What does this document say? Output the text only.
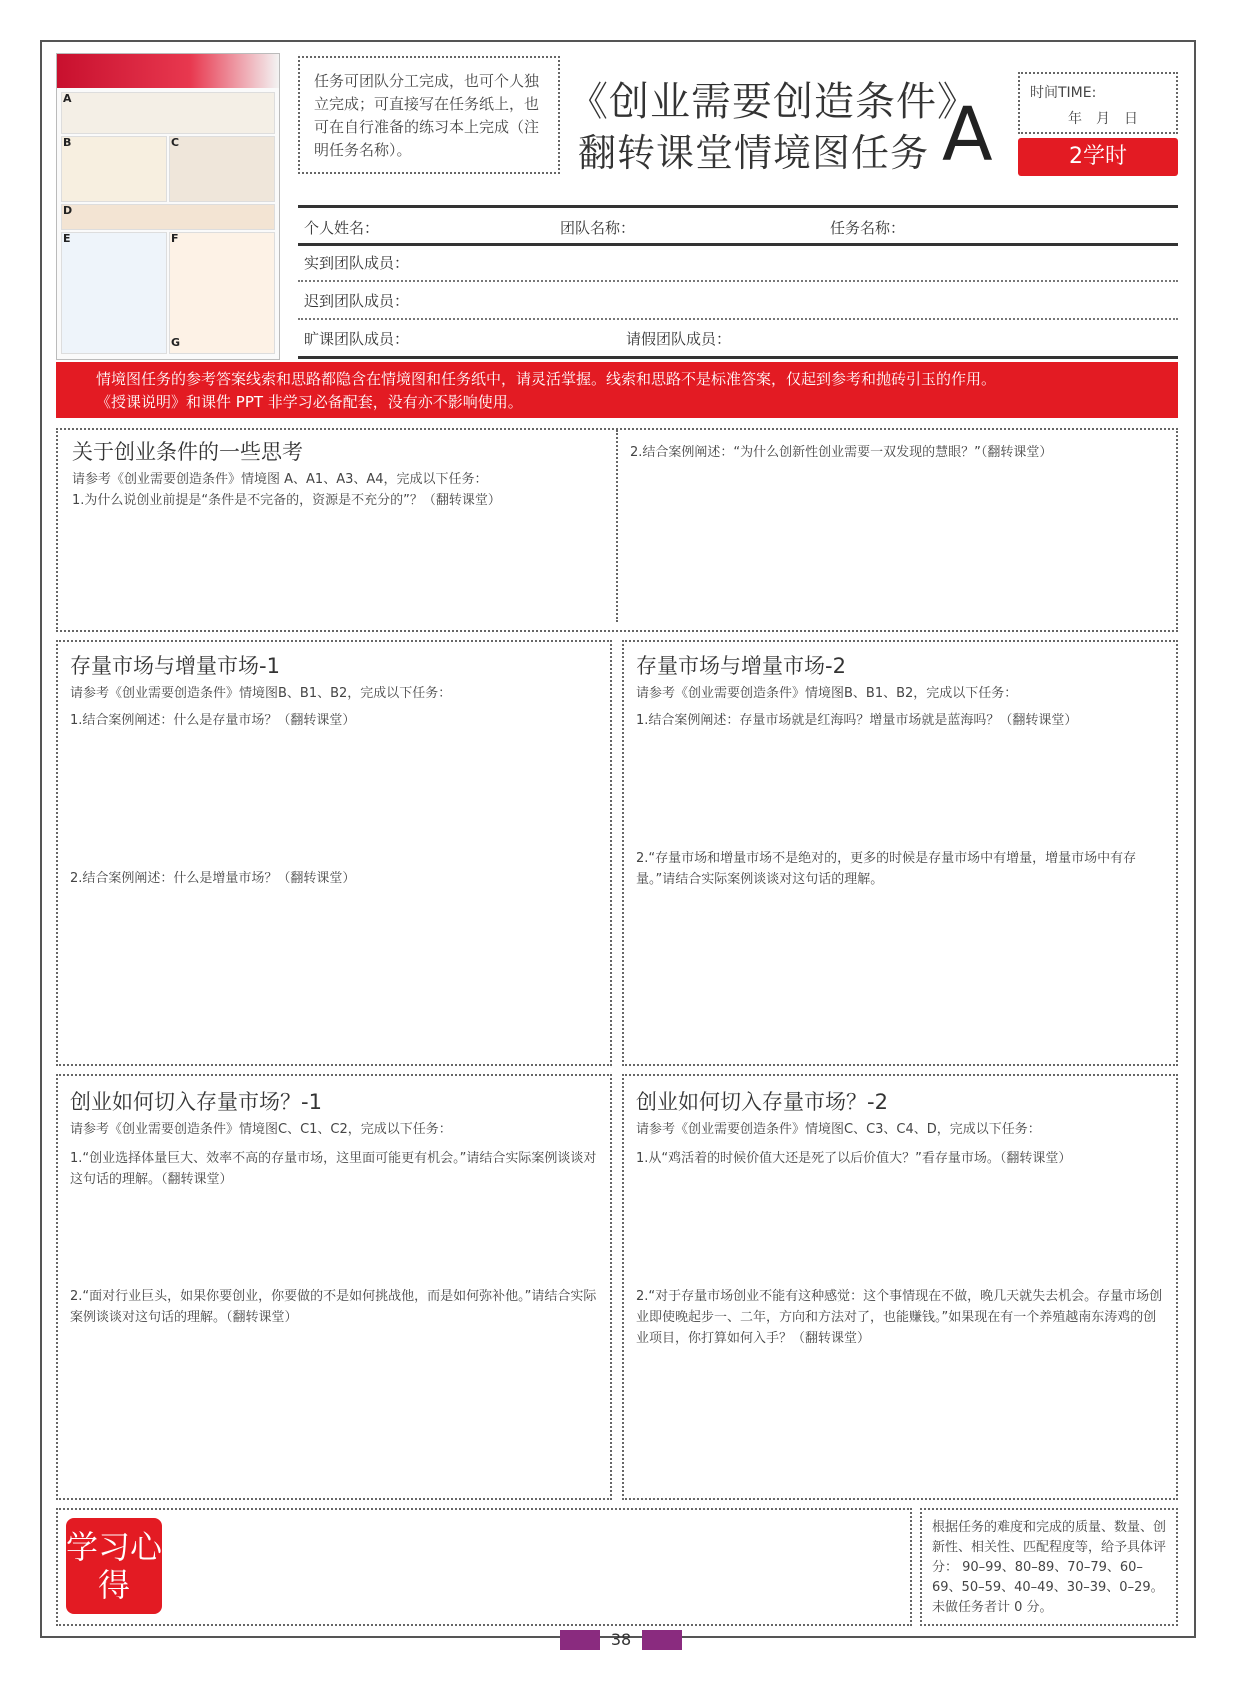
A
B	C
D
E	F
G
任务可团队分工完成，也可个人独立完成；可直接写在任务纸上，也可在自行准备的练习本上完成（注明任务名称）。
《创业需要创造条件》
翻转课堂情境图任务 A	时间TIME:
年月日
2学时
个人姓名：	团队名称：	任务名称：
实到团队成员：
迟到团队成员：
旷课团队成员：	请假团队成员：
情境图任务的参考答案线索和思路都隐含在情境图和任务纸中，请灵活掌握。线索和思路不是标准答案，仅起到参考和抛砖引玉的作用。
《授课说明》和课件 PPT 非学习必备配套，没有亦不影响使用。
关于创业条件的一些思考
请参考《创业需要创造条件》情境图 A、A1、A3、A4，完成以下任务：
1.为什么说创业前提是“条件是不完备的，资源是不充分的”？（翻转课堂）
2.结合案例阐述：“为什么创新性创业需要一双发现的慧眼？”（翻转课堂）
存量市场与增量市场-1
请参考《创业需要创造条件》情境图B、B1、B2，完成以下任务：
1.结合案例阐述：什么是存量市场？（翻转课堂）
2.结合案例阐述：什么是增量市场？（翻转课堂）
存量市场与增量市场-2
请参考《创业需要创造条件》情境图B、B1、B2，完成以下任务：
1.结合案例阐述：存量市场就是红海吗？增量市场就是蓝海吗？（翻转课堂）
2.“存量市场和增量市场不是绝对的，更多的时候是存量市场中有增量，增量市场中有存量。”请结合实际案例谈谈对这句话的理解。
创业如何切入存量市场？-1
请参考《创业需要创造条件》情境图C、C1、C2，完成以下任务：
1.“创业选择体量巨大、效率不高的存量市场，这里面可能更有机会。”请结合实际案例谈谈对这句话的理解。（翻转课堂）
2.“面对行业巨头，如果你要创业，你要做的不是如何挑战他，而是如何弥补他。”请结合实际案例谈谈对这句话的理解。（翻转课堂）
创业如何切入存量市场？-2
请参考《创业需要创造条件》情境图C、C3、C4、D，完成以下任务：
1.从“鸡活着的时候价值大还是死了以后价值大？”看存量市场。（翻转课堂）
2.“对于存量市场创业不能有这种感觉：这个事情现在不做，晚几天就失去机会。存量市场创业即使晚起步一、二年，方向和方法对了，也能赚钱。”如果现在有一个养殖越南东涛鸡的创业项目，你打算如何入手？（翻转课堂）
学习心得
根据任务的难度和完成的质量、数量、创新性、相关性、匹配程度等，给予具体评分： 90–99、80–89、70–79、60–69、50–59、40–49、30–39、0–29。未做任务者计 0 分。
38
